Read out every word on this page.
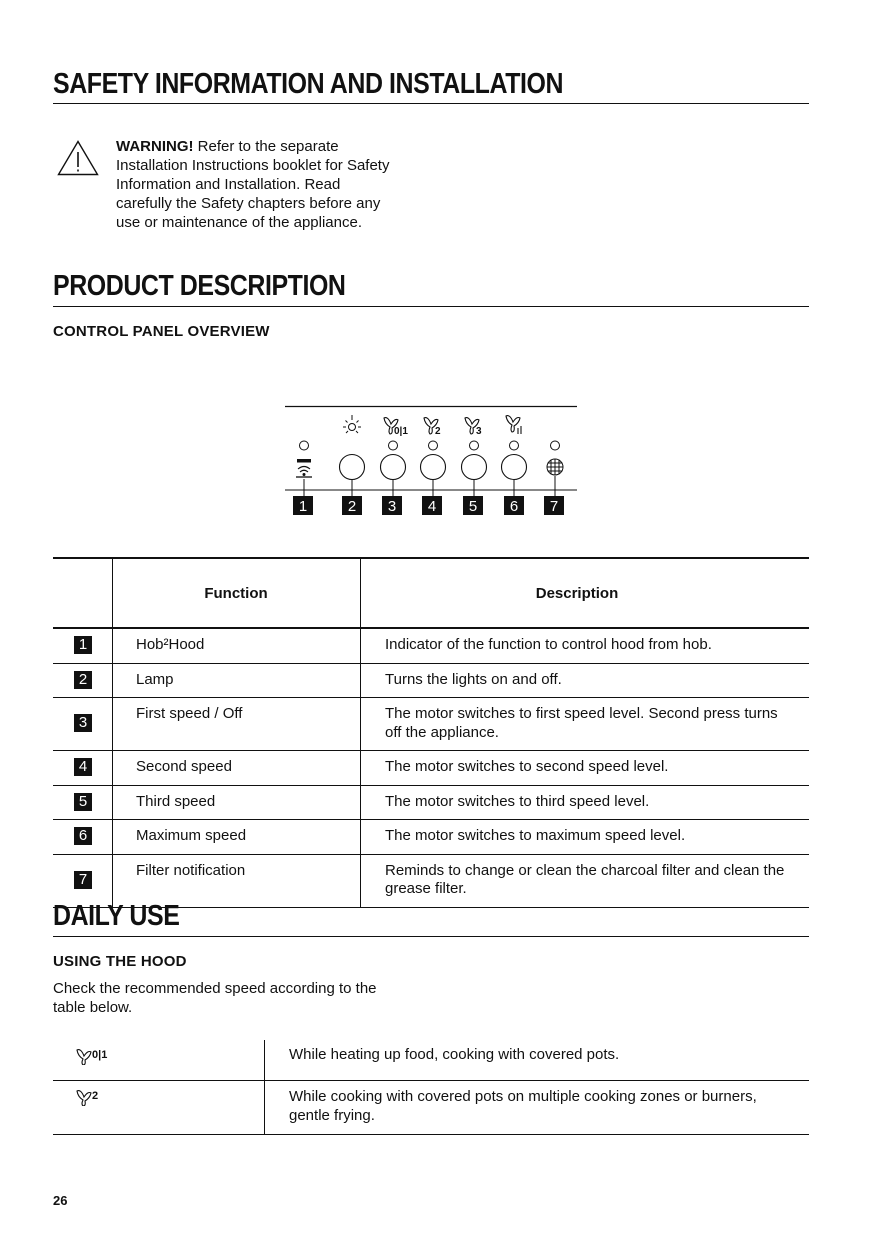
SAFETY INFORMATION AND INSTALLATION
WARNING! Refer to the separate Installation Instructions booklet for Safety Information and Installation. Read carefully the Safety chapters before any use or maintenance of the appliance.
PRODUCT DESCRIPTION
CONTROL PANEL OVERVIEW
0|1	2	3
1	2 3 4 5 6 7
	Function	Description
1	Hob²Hood	Indicator of the function to control hood from hob.
2	Lamp	Turns the lights on and off.
3	First speed / Off	The motor switches to first speed level. Second press turns off the appliance.
4	Second speed	The motor switches to second speed level.
5	Third speed	The motor switches to third speed level.
6	Maximum speed	The motor switches to maximum speed level.
7	Filter notification	Reminds to change or clean the charcoal filter and clean the grease filter.
DAILY USE
USING THE HOOD
Check the recommended speed according to the table below.
0|1	While heating up food, cooking with covered pots.

2	While cooking with covered pots on multiple cooking zones or burners, gentle frying.
26
